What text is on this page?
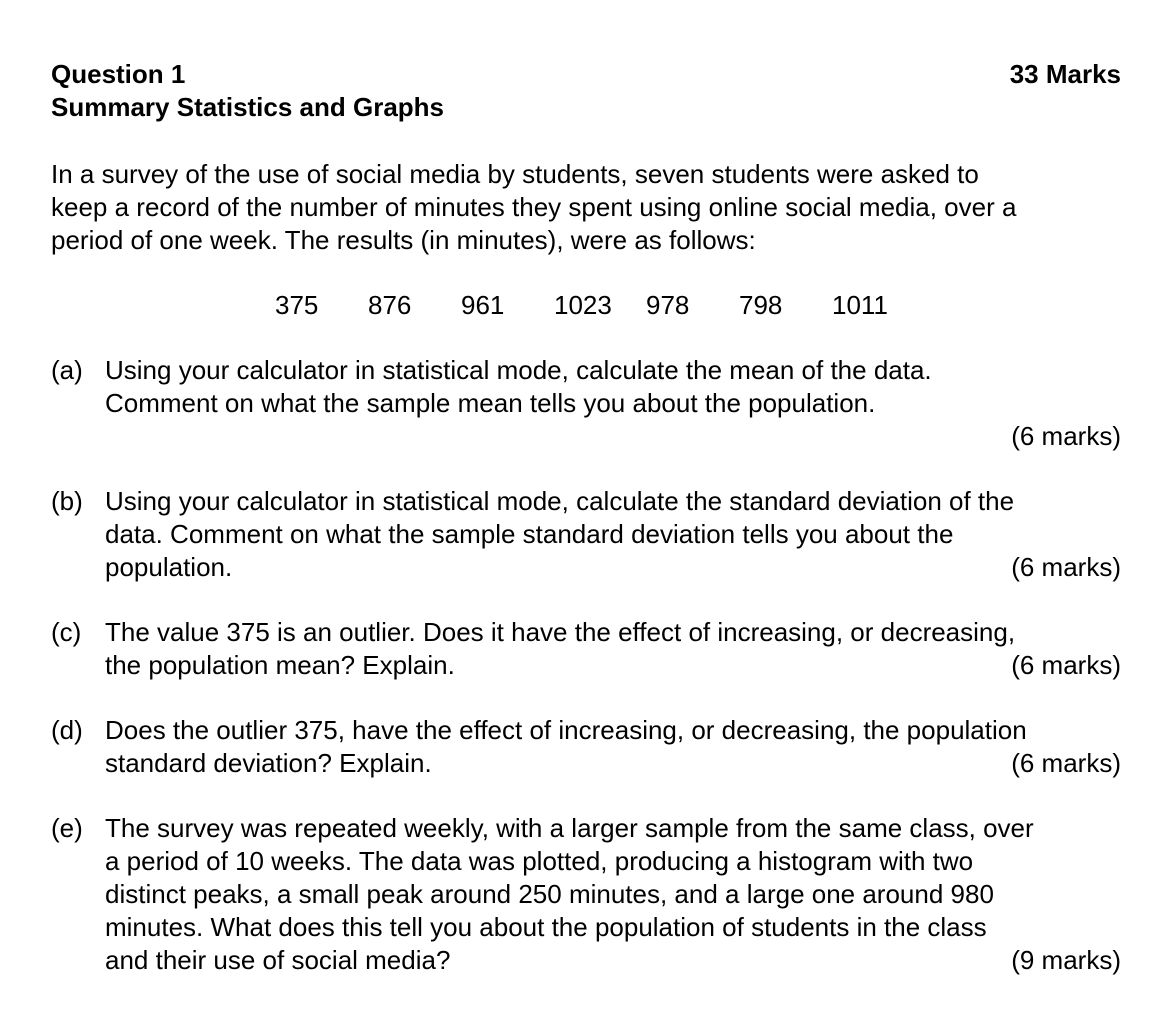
Question 1	33 Marks
Summary Statistics and Graphs
In a survey of the use of social media by students, seven students were asked to
keep a record of the number of minutes they spent using online social media, over a
period of one week. The results (in minutes), were as follows:
375 876 961 1023 978 798 1011
(a) Using your calculator in statistical mode, calculate the mean of the data.
Comment on what the sample mean tells you about the population.
(6 marks)
(b) Using your calculator in statistical mode, calculate the standard deviation of the
data. Comment on what the sample standard deviation tells you about the
(6 marks)
population.
(c) The value 375 is an outlier. Does it have the effect of increasing, or decreasing,
(6 marks)
the population mean? Explain.
(d) Does the outlier 375, have the effect of increasing, or decreasing, the population
(6 marks)
standard deviation? Explain.
(e) The survey was repeated weekly, with a larger sample from the same class, over
a period of 10 weeks. The data was plotted, producing a histogram with two
distinct peaks, a small peak around 250 minutes, and a large one around 980
minutes. What does this tell you about the population of students in the class
(9 marks)
and their use of social media?
